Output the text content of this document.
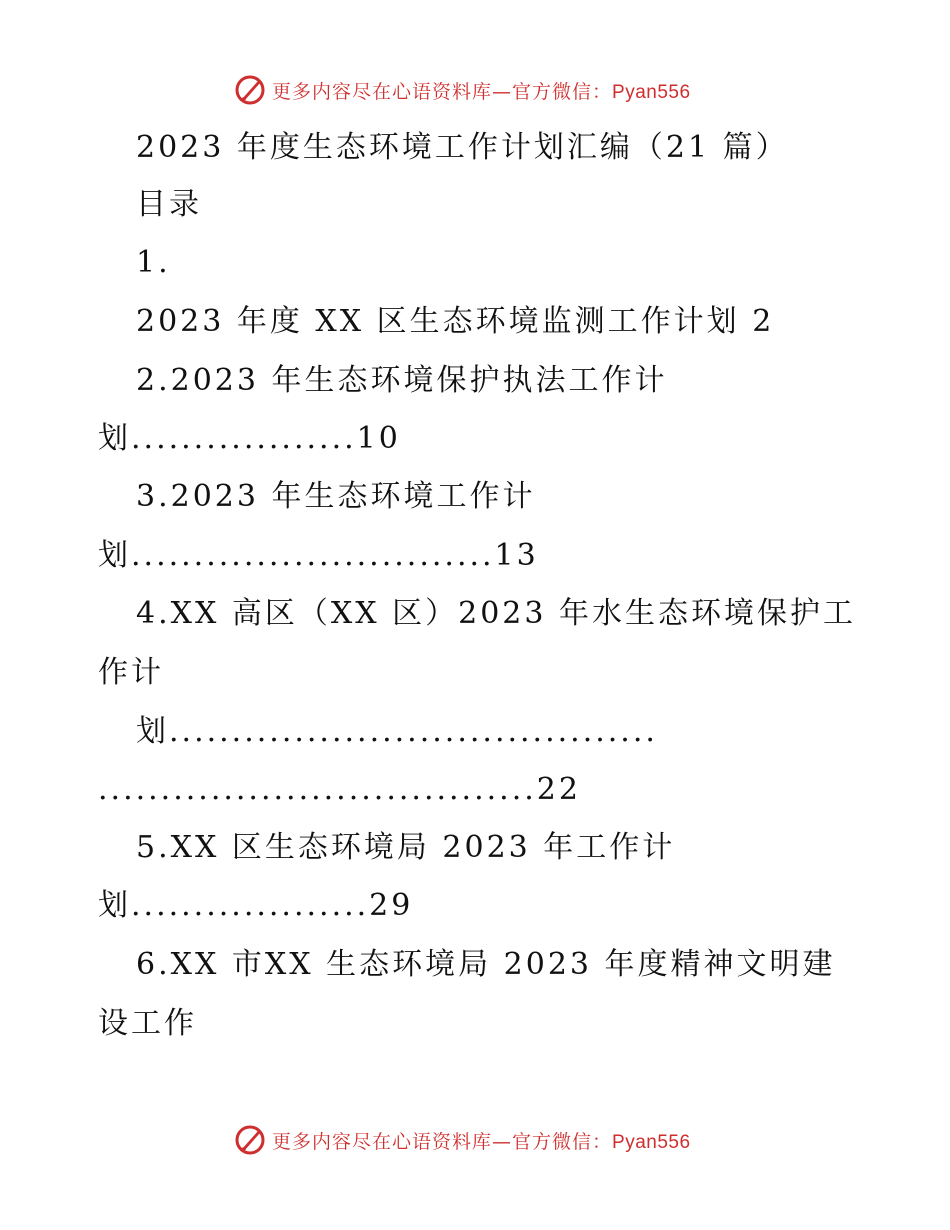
更多内容尽在心语资料库—官方微信：Pyan556
2023 年度生态环境工作计划汇编（21 篇）
目录
1.
2023 年度 XX 区生态环境监测工作计划 2
2.2023 年生态环境保护执法工作计
划..................10
3.2023 年生态环境工作计
划.............................13
4.XX 高区（XX 区）2023 年水生态环境保护工
作计
划.......................................
...................................22
5.XX 区生态环境局 2023 年工作计
划...................29
6.XX 市XX 生态环境局 2023 年度精神文明建
设工作
更多内容尽在心语资料库—官方微信：Pyan556
